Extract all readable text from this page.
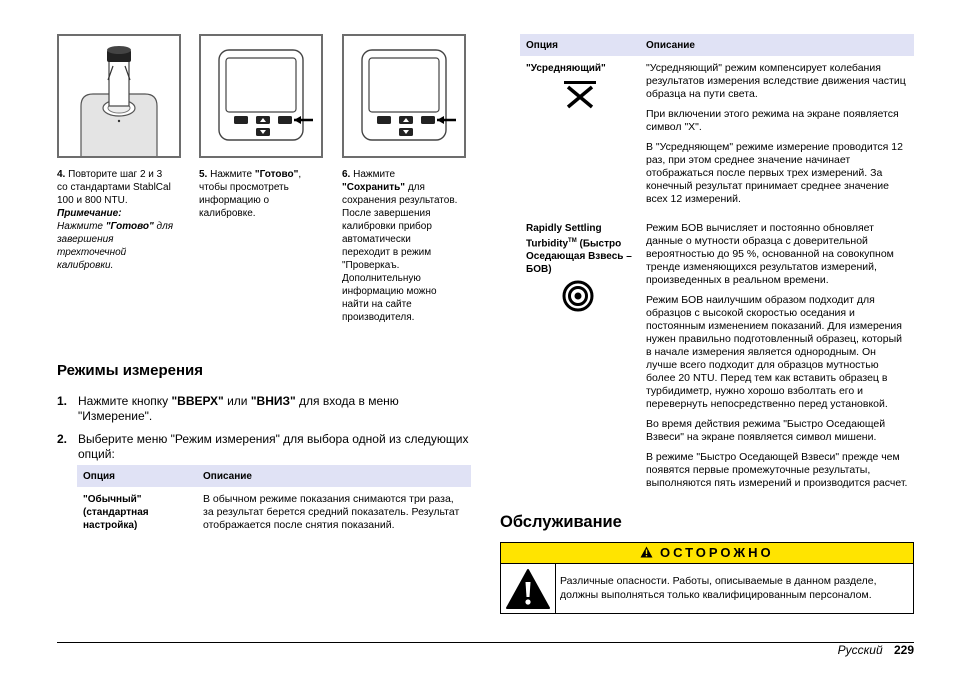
4. Повторите шаг 2 и 3 со стандартами StablCal 100 и 800 NTU.
Примечание:
Нажмите "Готово" для завершения трехточечной калибровки.
5. Нажмите "Готово", чтобы просмотреть информацию о калибровке.
6. Нажмите "Сохранить" для сохранения результатов. После завершения калибровки прибор автоматически переходит в режим "Проверкаъ. Дополнительную информацию можно найти на сайте производителя.
Режимы измерения
1. Нажмите кнопку "ВВЕРХ" или "ВНИЗ" для входа в меню "Измерение".
2. Выберите меню "Режим измерения" для выбора одной из следующих опций:
Опция	Описание
"Обычный" (стандартная настройка)	В обычном режиме показания снимаются три раза, за результат берется средний показатель. Результат отображается после снятия показаний.
Опция	Описание

"Усредняющий"	"Усредняющий" режим компенсирует колебания результатов измерения вследствие движения частиц образца на пути света.

При включении этого режима на экране появляется символ "X".

В "Усредняющем" режиме измерение проводится 12 раз, при этом среднее значение начинает отображаться после первых трех измерений. За конечный результат принимает среднее значение всех 12 измерений.

Rapidly Settling Turbidity™ (Быстро Оседающая Взвесь – БОВ)	Режим БОВ вычисляет и постоянно обновляет данные о мутности образца с доверительной вероятностью до 95 %, основанной на совокупном тренде изменяющихся результатов измерений, произведенных в реальном времени.

Режим БОВ наилучшим образом подходит для образцов с высокой скоростью оседания и постоянным изменением показаний. Для измерения нужен правильно подготовленный образец, который в начале измерения является однородным. Он лучше всего подходит для образцов мутностью более 20 NTU. Перед тем как вставить образец в турбидиметр, нужно хорошо взболтать его и перевернуть непосредственно перед установкой.

Во время действия режима "Быстро Оседающей Взвеси" на экране появляется символ мишени.

В режиме "Быстро Оседающей Взвеси" прежде чем появятся первые промежуточные результаты, выполняются пять измерений и производится расчет.

Обслуживание
ОСТОРОЖНО
Различные опасности. Работы, описываемые в данном разделе, должны выполняться только квалифицированным персоналом.
Русский 229
